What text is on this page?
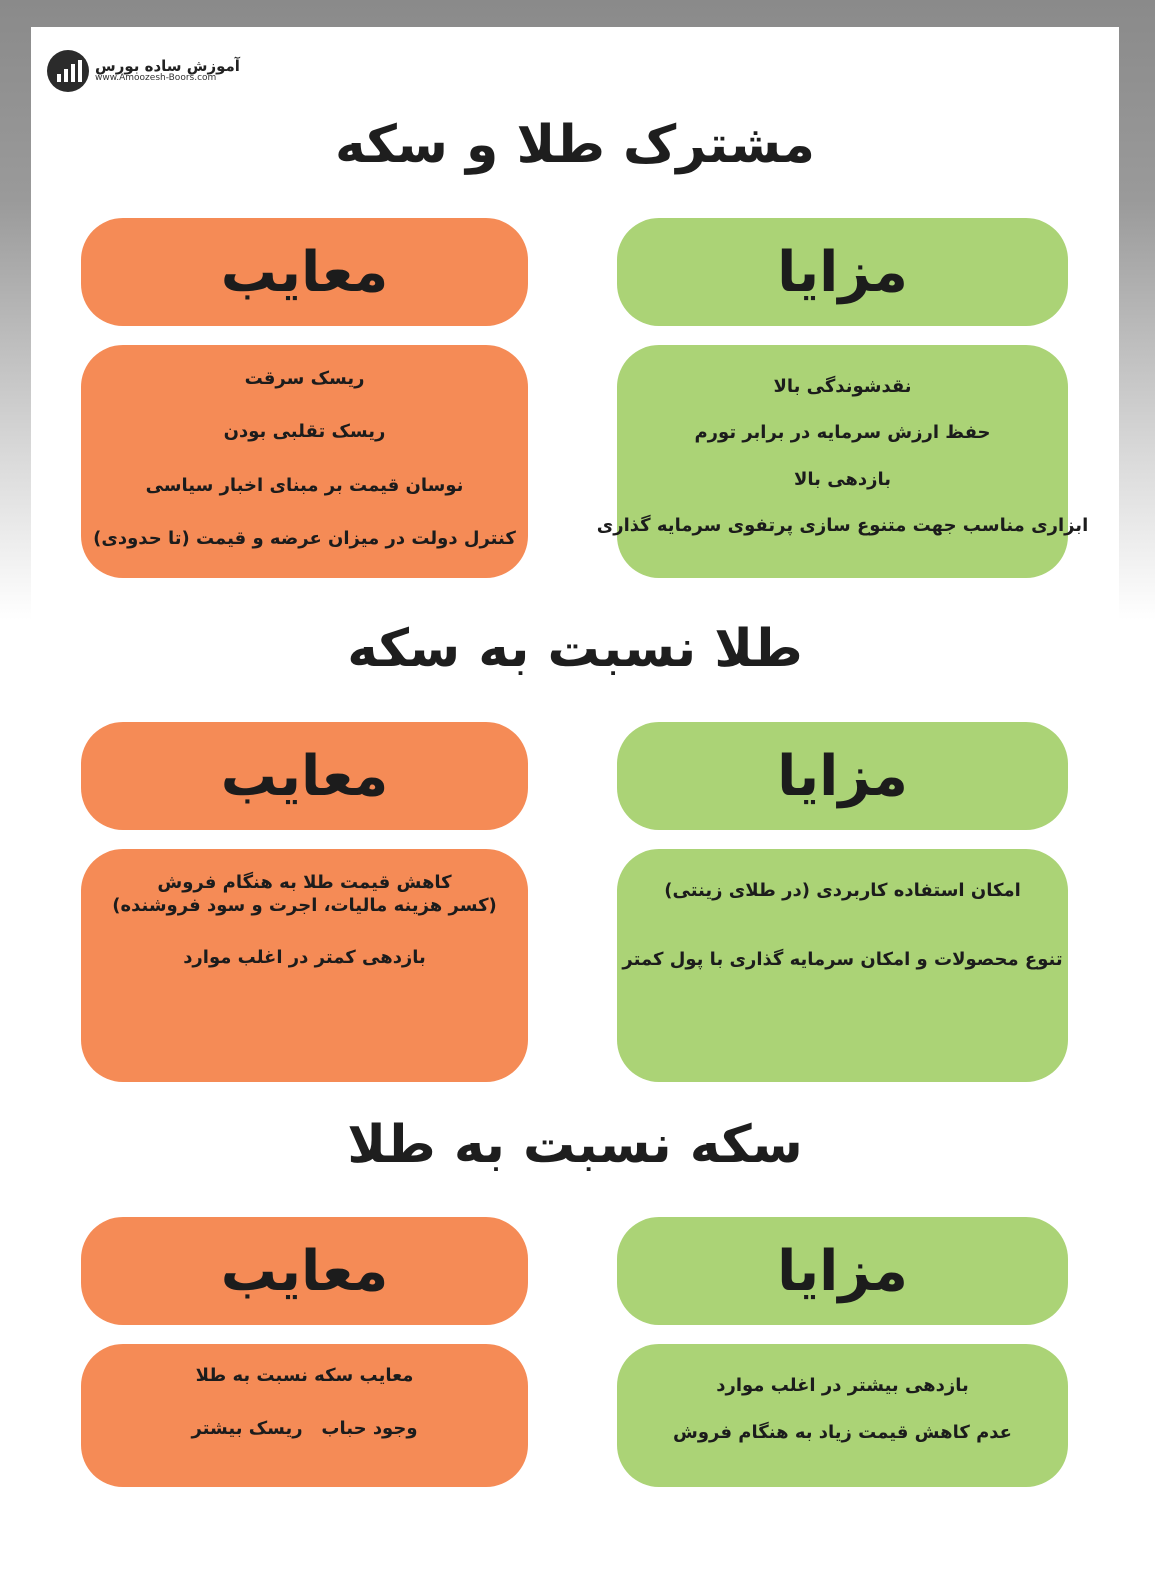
آموزش ساده بورس
www.Amoozesh-Boors.com
مشترک طلا و سکه
مزایا
معایب
نقدشوندگی بالا
حفظ ارزش سرمایه در برابر تورم
بازدهی بالا
ابزاری مناسب جهت متنوع سازی پرتفوی سرمایه گذاری
ریسک سرقت
ریسک تقلبی بودن
نوسان قیمت بر مبنای اخبار سیاسی
کنترل دولت در میزان عرضه و قیمت (تا حدودی)
طلا نسبت به سکه
مزایا
معایب
امکان استفاده کاربردی (در طلای زینتی)
تنوع محصولات و امکان سرمایه گذاری با پول کمتر
کاهش قیمت طلا به هنگام فروش
(کسر هزینه مالیات، اجرت و سود فروشنده)
بازدهی کمتر در اغلب موارد
سکه نسبت به طلا
مزایا
معایب
بازدهی بیشتر در اغلب موارد
عدم کاهش قیمت زیاد به هنگام فروش
معایب سکه نسبت به طلا
وجود حباب   ریسک بیشتر
